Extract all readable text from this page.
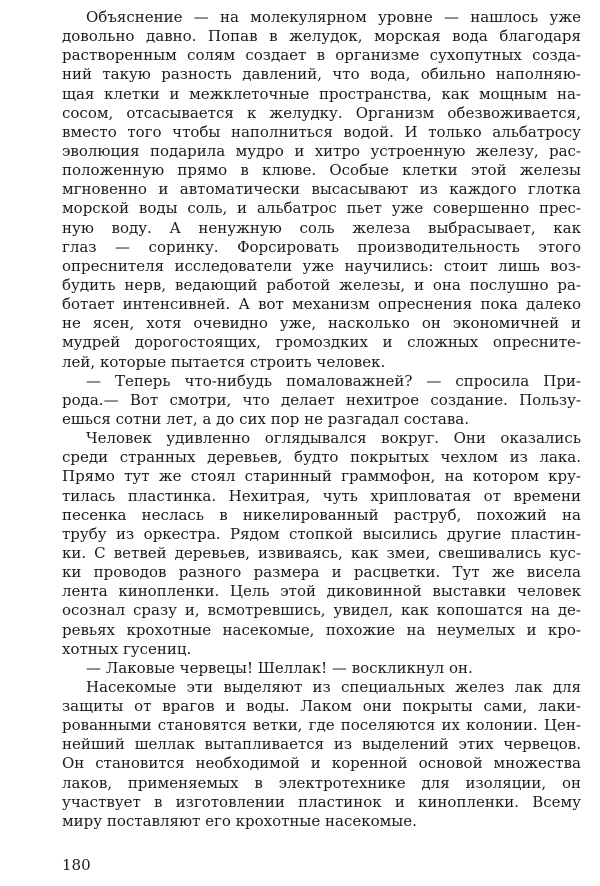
Объяснение — на молекулярном уровне — нашлось уже
довольно давно. Попав в желудок, морская вода благодаря
растворенным солям создает в организме сухопутных созда-
ний такую разность давлений, что вода, обильно наполняю-
щая клетки и межклеточные пространства, как мощным на-
сосом, отсасывается к желудку. Организм обезвоживается,
вместо того чтобы наполниться водой. И только альбатросу
эволюция подарила мудро и хитро устроенную железу, рас-
положенную прямо в клюве. Особые клетки этой железы
мгновенно и автоматически высасывают из каждого глотка
морской воды соль, и альбатрос пьет уже совершенно прес-
ную воду. А ненужную соль железа выбрасывает, как
глаз — соринку. Форсировать производительность этого
опреснителя исследователи уже научились: стоит лишь воз-
будить нерв, ведающий работой железы, и она послушно ра-
ботает интенсивней. А вот механизм опреснения пока далеко
не ясен, хотя очевидно уже, насколько он экономичней и
мудрей дорогостоящих, громоздких и сложных опресните-
лей, которые пытается строить человек.
— Теперь что-нибудь помаловажней? — спросила При-
рода.— Вот смотри, что делает нехитрое создание. Пользу-
ешься сотни лет, а до сих пор не разгадал состава.
Человек удивленно оглядывался вокруг. Они оказались
среди странных деревьев, будто покрытых чехлом из лака.
Прямо тут же стоял старинный граммофон, на котором кру-
тилась пластинка. Нехитрая, чуть хрипловатая от времени
песенка неслась в никелированный раструб, похожий на
трубу из оркестра. Рядом стопкой высились другие пластин-
ки. С ветвей деревьев, извиваясь, как змеи, свешивались кус-
ки проводов разного размера и расцветки. Тут же висела
лента кинопленки. Цель этой диковинной выставки человек
осознал сразу и, всмотревшись, увидел, как копошатся на де-
ревьях крохотные насекомые, похожие на неумелых и кро-
хотных гусениц.
— Лаковые червецы! Шеллак! — воскликнул он.
Насекомые эти выделяют из специальных желез лак для
защиты от врагов и воды. Лаком они покрыты сами, лаки-
рованными становятся ветки, где поселяются их колонии. Цен-
нейший шеллак вытапливается из выделений этих червецов.
Он становится необходимой и коренной основой множества
лаков, применяемых в электротехнике для изоляции, он
участвует в изготовлении пластинок и кинопленки. Всему
миру поставляют его крохотные насекомые.
180
